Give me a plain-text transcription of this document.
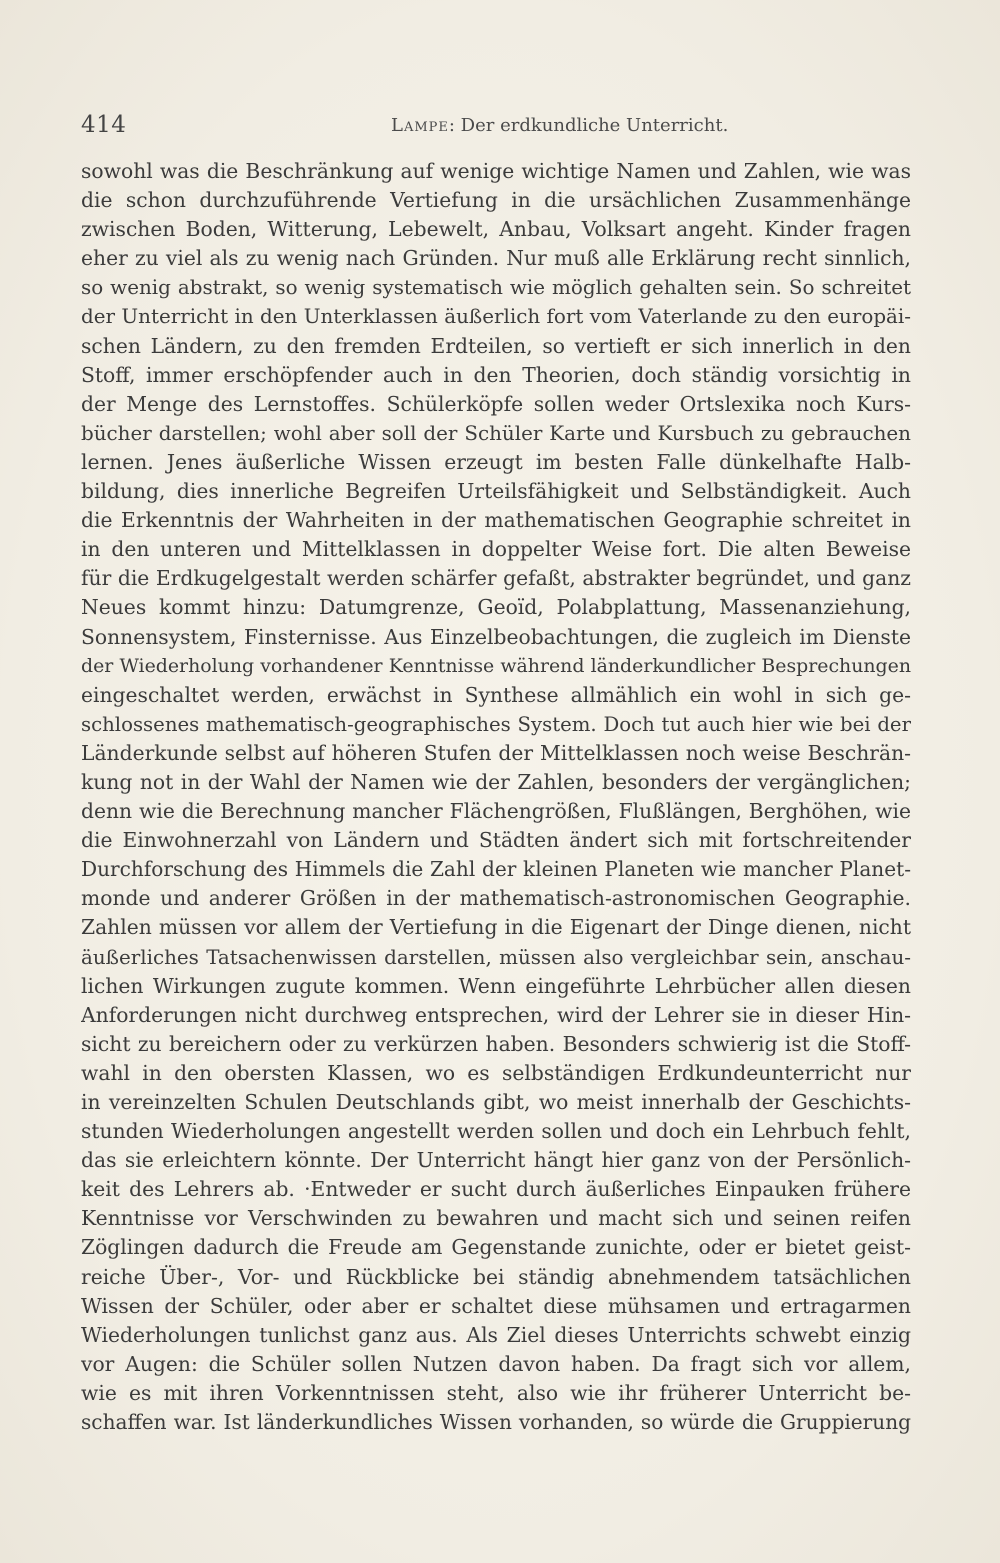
414	Lampe: Der erdkundliche Unterricht.
sowohl was die Beschränkung auf wenige wichtige Namen und Zahlen, wie was
die schon durchzuführende Vertiefung in die ursächlichen Zusammenhänge
zwischen Boden, Witterung, Lebewelt, Anbau, Volksart angeht. Kinder fragen
eher zu viel als zu wenig nach Gründen. Nur muß alle Erklärung recht sinnlich,
so wenig abstrakt, so wenig systematisch wie möglich gehalten sein. So schreitet
der Unterricht in den Unterklassen äußerlich fort vom Vaterlande zu den europäi-
schen Ländern, zu den fremden Erdteilen, so vertieft er sich innerlich in den
Stoff, immer erschöpfender auch in den Theorien, doch ständig vorsichtig in
der Menge des Lernstoffes. Schülerköpfe sollen weder Ortslexika noch Kurs-
bücher darstellen; wohl aber soll der Schüler Karte und Kursbuch zu gebrauchen
lernen. Jenes äußerliche Wissen erzeugt im besten Falle dünkelhafte Halb-
bildung, dies innerliche Begreifen Urteilsfähigkeit und Selbständigkeit. Auch
die Erkenntnis der Wahrheiten in der mathematischen Geographie schreitet in
in den unteren und Mittelklassen in doppelter Weise fort. Die alten Beweise
für die Erdkugelgestalt werden schärfer gefaßt, abstrakter begründet, und ganz
Neues kommt hinzu: Datumgrenze, Geoïd, Polabplattung, Massenanziehung,
Sonnensystem, Finsternisse. Aus Einzelbeobachtungen, die zugleich im Dienste
der Wiederholung vorhandener Kenntnisse während länderkundlicher Besprechungen
eingeschaltet werden, erwächst in Synthese allmählich ein wohl in sich ge-
schlossenes mathematisch-geographisches System. Doch tut auch hier wie bei der
Länderkunde selbst auf höheren Stufen der Mittelklassen noch weise Beschrän-
kung not in der Wahl der Namen wie der Zahlen, besonders der vergänglichen;
denn wie die Berechnung mancher Flächengrößen, Flußlängen, Berghöhen, wie
die Einwohnerzahl von Ländern und Städten ändert sich mit fortschreitender
Durchforschung des Himmels die Zahl der kleinen Planeten wie mancher Planet-
monde und anderer Größen in der mathematisch-astronomischen Geographie.
Zahlen müssen vor allem der Vertiefung in die Eigenart der Dinge dienen, nicht
äußerliches Tatsachenwissen darstellen, müssen also vergleichbar sein, anschau-
lichen Wirkungen zugute kommen. Wenn eingeführte Lehrbücher allen diesen
Anforderungen nicht durchweg entsprechen, wird der Lehrer sie in dieser Hin-
sicht zu bereichern oder zu verkürzen haben. Besonders schwierig ist die Stoff-
wahl in den obersten Klassen, wo es selbständigen Erdkundeunterricht nur
in vereinzelten Schulen Deutschlands gibt, wo meist innerhalb der Geschichts-
stunden Wiederholungen angestellt werden sollen und doch ein Lehrbuch fehlt,
das sie erleichtern könnte. Der Unterricht hängt hier ganz von der Persönlich-
keit des Lehrers ab. ·Entweder er sucht durch äußerliches Einpauken frühere
Kenntnisse vor Verschwinden zu bewahren und macht sich und seinen reifen
Zöglingen dadurch die Freude am Gegenstande zunichte, oder er bietet geist-
reiche Über-, Vor- und Rückblicke bei ständig abnehmendem tatsächlichen
Wissen der Schüler, oder aber er schaltet diese mühsamen und ertragarmen
Wiederholungen tunlichst ganz aus. Als Ziel dieses Unterrichts schwebt einzig
vor Augen: die Schüler sollen Nutzen davon haben. Da fragt sich vor allem,
wie es mit ihren Vorkenntnissen steht, also wie ihr früherer Unterricht be-
schaffen war. Ist länderkundliches Wissen vorhanden, so würde die Gruppierung
